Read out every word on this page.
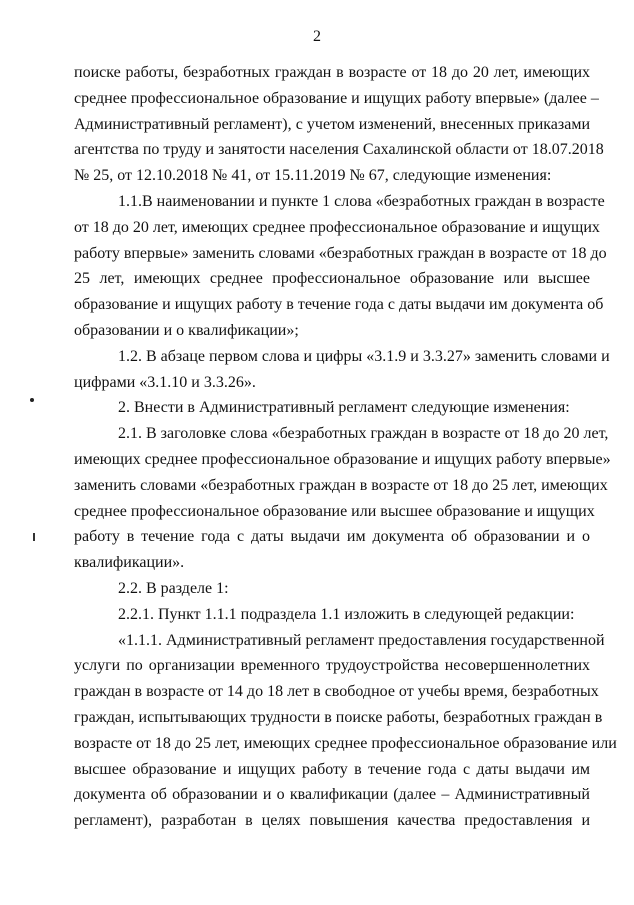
2
поиске работы, безработных граждан в возрасте от 18 до 20 лет, имеющих
среднее профессиональное образование и ищущих работу впервые» (далее –
Административный регламент), с учетом изменений, внесенных приказами
агентства по труду и занятости населения Сахалинской области от 18.07.2018
№ 25, от 12.10.2018 № 41, от 15.11.2019 № 67, следующие изменения:
1.1.В наименовании и пункте 1 слова «безработных граждан в возрасте
от 18 до 20 лет, имеющих среднее профессиональное образование и ищущих
работу впервые» заменить словами «безработных граждан в возрасте от 18 до
25 лет, имеющих среднее профессиональное образование или высшее
образование и ищущих работу в течение года с даты выдачи им документа об
образовании и о квалификации»;
1.2. В абзаце первом слова и цифры «3.1.9 и 3.3.27» заменить словами и
цифрами «3.1.10 и 3.3.26».
2. Внести в Административный регламент следующие изменения:
2.1. В заголовке слова «безработных граждан в возрасте от 18 до 20 лет,
имеющих среднее профессиональное образование и ищущих работу впервые»
заменить словами «безработных граждан в возрасте от 18 до 25 лет, имеющих
среднее профессиональное образование или высшее образование и ищущих
работу в течение года с даты выдачи им документа об образовании и о
квалификации».
2.2. В разделе 1:
2.2.1. Пункт 1.1.1 подраздела 1.1 изложить в следующей редакции:
«1.1.1. Административный регламент предоставления государственной
услуги по организации временного трудоустройства несовершеннолетних
граждан в возрасте от 14 до 18 лет в свободное от учебы время, безработных
граждан, испытывающих трудности в поиске работы, безработных граждан в
возрасте от 18 до 25 лет, имеющих среднее профессиональное образование или
высшее образование и ищущих работу в течение года с даты выдачи им
документа об образовании и о квалификации (далее – Административный
регламент), разработан в целях повышения качества предоставления и
